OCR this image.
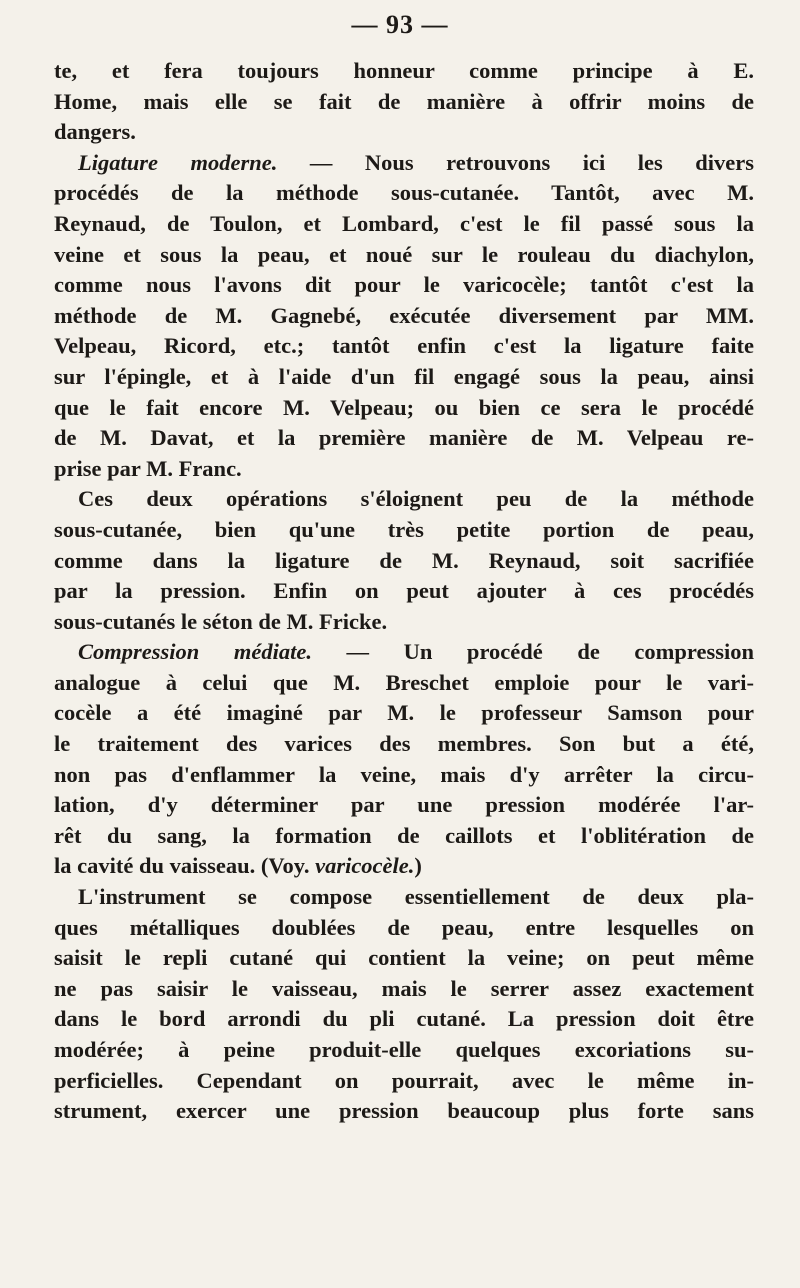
— 93 —
te, et fera toujours honneur comme principe à E.
Home, mais elle se fait de manière à offrir moins de
dangers.
Ligature moderne. — Nous retrouvons ici les divers
procédés de la méthode sous-cutanée. Tantôt, avec M.
Reynaud, de Toulon, et Lombard, c'est le fil passé sous la
veine et sous la peau, et noué sur le rouleau du diachylon,
comme nous l'avons dit pour le varicocèle; tantôt c'est la
méthode de M. Gagnebé, exécutée diversement par MM.
Velpeau, Ricord, etc.; tantôt enfin c'est la ligature faite
sur l'épingle, et à l'aide d'un fil engagé sous la peau, ainsi
que le fait encore M. Velpeau; ou bien ce sera le procédé
de M. Davat, et la première manière de M. Velpeau re-
prise par M. Franc.
Ces deux opérations s'éloignent peu de la méthode
sous-cutanée, bien qu'une très petite portion de peau,
comme dans la ligature de M. Reynaud, soit sacrifiée
par la pression. Enfin on peut ajouter à ces procédés
sous-cutanés le séton de M. Fricke.
Compression médiate. — Un procédé de compression
analogue à celui que M. Breschet emploie pour le vari-
cocèle a été imaginé par M. le professeur Samson pour
le traitement des varices des membres. Son but a été,
non pas d'enflammer la veine, mais d'y arrêter la circu-
lation, d'y déterminer par une pression modérée l'ar-
rêt du sang, la formation de caillots et l'oblitération de
la cavité du vaisseau. (Voy. varicocèle.)
L'instrument se compose essentiellement de deux pla-
ques métalliques doublées de peau, entre lesquelles on
saisit le repli cutané qui contient la veine; on peut même
ne pas saisir le vaisseau, mais le serrer assez exactement
dans le bord arrondi du pli cutané. La pression doit être
modérée; à peine produit-elle quelques excoriations su-
perficielles. Cependant on pourrait, avec le même in-
strument, exercer une pression beaucoup plus forte sans
